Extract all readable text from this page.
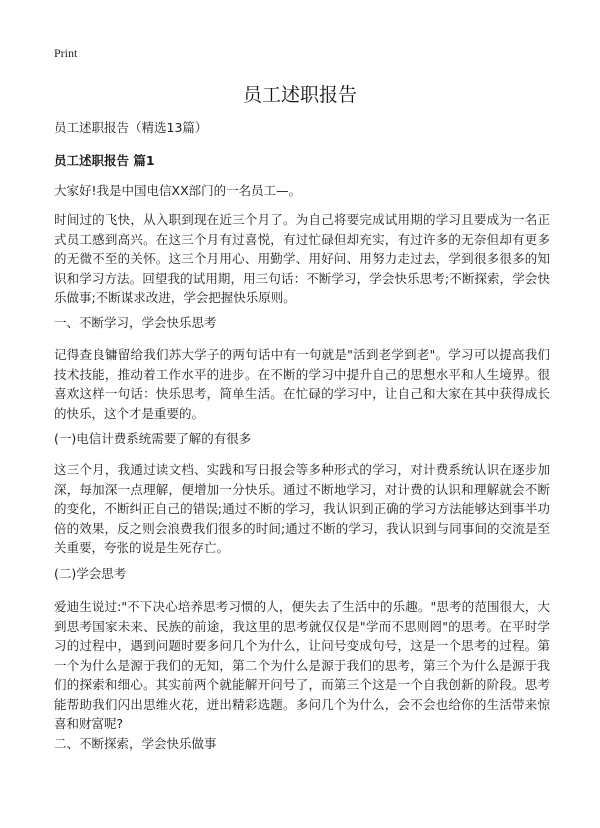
Print
员工述职报告

员工述职报告（精选13篇）

员工述职报告 篇1

大家好!我是中国电信XX部门的一名员工—。

时间过的飞快，从入职到现在近三个月了。为自己将要完成试用期的学习且要成为一名正式员工感到高兴。在这三个月有过喜悦，有过忙碌但却充实，有过许多的无奈但却有更多的无微不至的关怀。这三个月用心、用勤学、用好问、用努力走过去，学到很多很多的知识和学习方法。回望我的试用期，用三句话：不断学习，学会快乐思考;不断探索，学会快乐做事;不断谋求改进，学会把握快乐原则。

一、不断学习，学会快乐思考

记得查良镛留给我们苏大学子的两句话中有一句就是"活到老学到老"。学习可以提高我们技术技能，推动着工作水平的进步。在不断的学习中提升自己的思想水平和人生境界。很喜欢这样一句话：快乐思考，简单生活。在忙碌的学习中，让自己和大家在其中获得成长的快乐，这个才是重要的。

(一)电信计费系统需要了解的有很多

这三个月，我通过读文档、实践和写日报会等多种形式的学习，对计费系统认识在逐步加深，每加深一点理解，便增加一分快乐。通过不断地学习，对计费的认识和理解就会不断的变化，不断纠正自己的错误;通过不断的学习，我认识到正确的学习方法能够达到事半功倍的效果，反之则会浪费我们很多的时间;通过不断的学习，我认识到与同事间的交流是至关重要，夸张的说是生死存亡。

(二)学会思考

爱迪生说过:"不下决心培养思考习惯的人，便失去了生活中的乐趣。"思考的范围很大，大到思考国家未来、民族的前途，我这里的思考就仅仅是"学而不思则罔"的思考。在平时学习的过程中，遇到问题时要多问几个为什么，让问号变成句号，这是一个思考的过程。第一个为什么是源于我们的无知，第二个为什么是源于我们的思考，第三个为什么是源于我们的探索和细心。其实前两个就能解开问号了，而第三个这是一个自我创新的阶段。思考能帮助我们闪出思维火花，迸出精彩选题。多问几个为什么，会不会也给你的生活带来惊喜和财富呢?

二、不断探索，学会快乐做事
